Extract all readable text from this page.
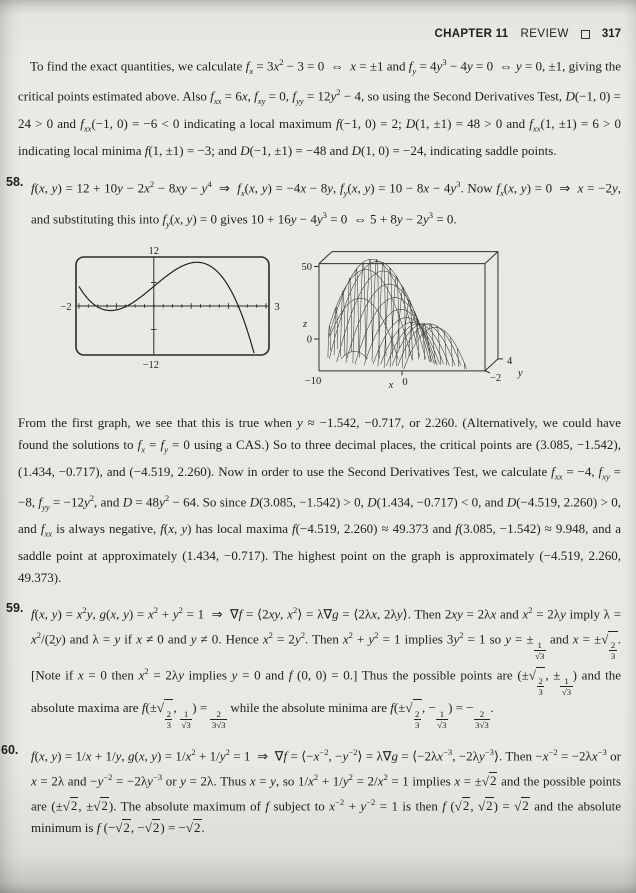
CHAPTER 11 REVIEW	317

To find the exact quantities, we calculate $f_x = 3x^2 - 3 = 0$  ⇔  x = ±1 and $f_y = 4y^3 - 4y = 0$  ⇔ y = 0, ±1, giving the critical points estimated above. Also $f_{xx} = 6x$, $f_{xy} = 0$, $f_{yy} = 12y^2 - 4$, so using the Second Derivatives Test, D(−1, 0) = 24 > 0 and $f_{xx}(-1$, 0) = −6 < 0 indicating a local maximum f(−1, 0) = 2; D(1, ±1) = 48 > 0 and $f_{xx}(1$, ±1) = 6 > 0 indicating local minima f(1, ±1) = −3; and D(−1, ±1) = −48 and D(1, 0) = −24, indicating saddle points.

58. f(x, $y) = 12 + 10y - 2x^2 - 8xy - y^4$  ⇒  $f_x(x$, y) = −4x − 8y, $f_y(x$, $y) = 10 - 8x - 4y^3$. Now $f_x(x$, y) = 0  ⇒  x = −2y, and substituting this into $f_y(x$, y) = 0 gives $10 + 16y - 4y^3 = 0$  ⇔ $5 + 8y - 2y^3 = 0$.

12
−12
−2	3
50
0
z
0
x
−10
4
−2 y

From the first graph, we see that this is true when y ≈ −1.542, −0.717, or 2.260. (Alternatively, we could have found the solutions to $f_x = f_y = 0$ using a CAS.) So to three decimal places, the critical points are (3.085, −1.542), (1.434, −0.717), and (−4.519, 2.260). Now in order to use the Second Derivatives Test, we calculate $f_{xx} = -4$, $f_{xy} = -8$, $f_{yy} = -12y^2$, and $D = 48y^2 - 64$. So since D(3.085, −1.542) > 0, D(1.434, −0.717) < 0, and D(−4.519, 2.260) > 0, and $f_{xx}$ is always negative, f(x, y) has local maxima f(−4.519, 2.260) ≈ 49.373 and f(3.085, −1.542) ≈ 9.948, and a saddle point at approximately (1.434, −0.717). The highest point on the graph is approximately (−4.519, 2.260, 49.373).

59. f(x, $y) = x^2y$, g(x, $y) = x^2 + y^2 = 1$  ⇒  ∇f = ⟨2xy, $x^2⟩ = \lambda\nabla g$ = ⟨2λx, 2λy⟩. Then 2xy = 2λx and $x^2 = 2\lambda y$ imply $\lambda = x^2/(2y)$ and λ = y if x ≠ 0 and y ≠ 0. Hence $x^2 = 2y^2$. Then $x^2 + y^2 = 1$ implies $3y^2 = 1$ so y = ±
$\frac{1}{√3}$
and x = ±√
$\frac{2}{3}$
. [Note if x = 0 then $x^2 = 2\lambda y$ implies y = 0 and f (0, 0) = 0.] Thus the possible points are (±√
$\frac{2}{3}$
, ±
$\frac{1}{√3}$
) and the absolute maxima are f(±√
$\frac{2}{3}$
,
$\frac{1}{√3}$
) =
$\frac{2}{3√3}$
while the absolute minima are f(±√
$\frac{2}{3}$
, −
$\frac{1}{√3}$
) = −
$\frac{2}{3√3}$
.

60. f(x, y) = 1/x + 1/y, g(x, $y) = 1/x^2 + 1/y^2 = 1$  ⇒  $\nabla f = ⟨-x^{-2}$, $-y^{-2}⟩ = \lambda\nabla g$ = $⟨-2\lambda x^{-3}$, $-2\lambda y^{-3}⟩$. Then $-x^{-2} = -2\lambda x^{-3}$ or x = 2λ and $-y^{-2} = -2\lambda y^{-3}$ or y = 2λ. Thus x = y, so $1/x^2 + 1/y^2 = 2/x^2 = 1$ implies x = ±√2 and the possible points are (±√2, ±√2). The absolute maximum of f subject to $x^{-2} + y^{-2} = 1$ is then f (√2, √2) = √2 and the absolute minimum is f (−√2, −√2) = −√2.
